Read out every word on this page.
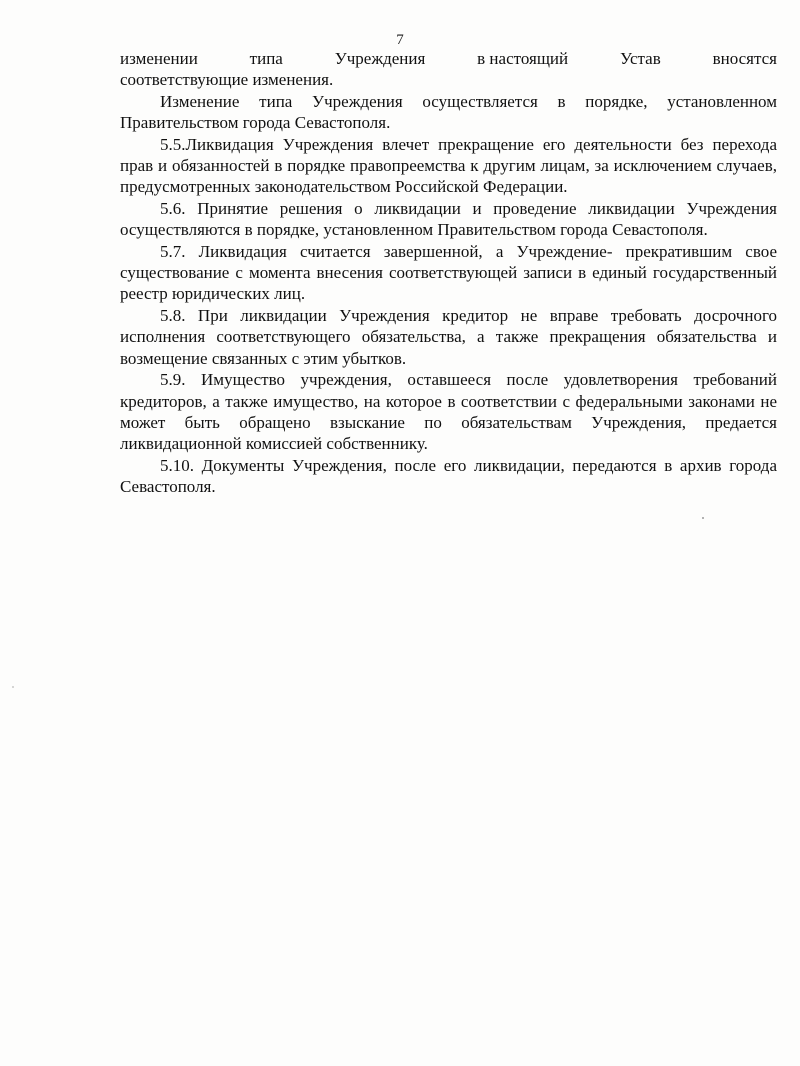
7
изменении	типа	Учреждения	в настоящий	Устав	вносятся

соответствующие изменения.

Изменение типа Учреждения осуществляется в порядке, установленном Правительством города Севастополя.

5.5.Ликвидация Учреждения влечет прекращение его деятельности без перехода прав и обязанностей в порядке правопреемства к другим лицам, за исключением случаев, предусмотренных законодательством Российской Федерации.

5.6. Принятие решения о ликвидации и проведение ликвидации Учреждения осуществляются в порядке, установленном Правительством города Севастополя.

5.7. Ликвидация считается завершенной, а Учреждение- прекратившим свое существование с момента внесения соответствующей записи в единый государственный реестр юридических лиц.

5.8. При ликвидации Учреждения кредитор не вправе требовать досрочного исполнения соответствующего обязательства, а также прекращения обязательства и возмещение связанных с этим убытков.

5.9. Имущество учреждения, оставшееся после удовлетворения требований кредиторов, а также имущество, на которое в соответствии с федеральными законами не может быть обращено взыскание по обязательствам Учреждения, предается ликвидационной комиссией собственнику.

5.10. Документы Учреждения, после его ликвидации, передаются в архив города Севастополя.
